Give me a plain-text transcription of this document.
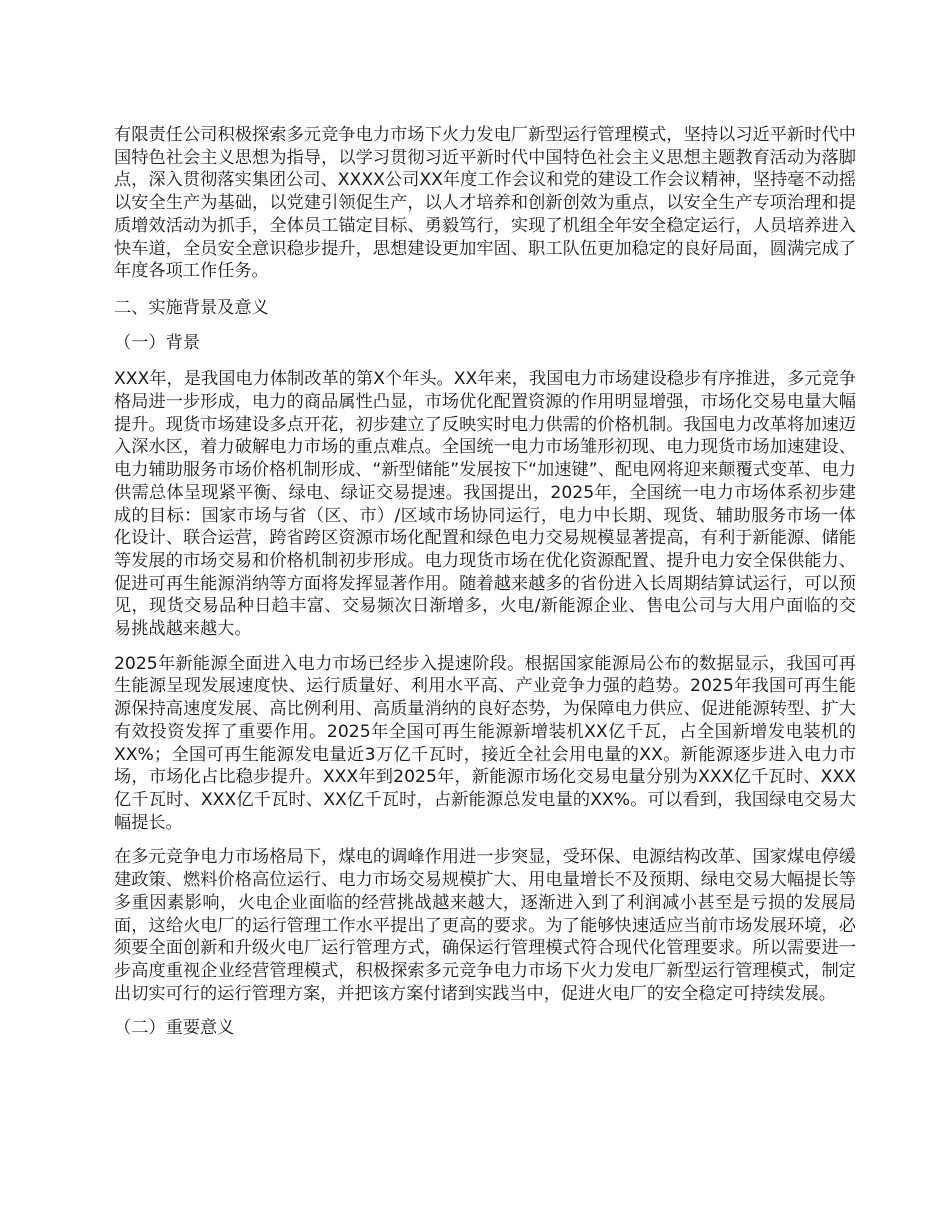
有限责任公司积极探索多元竞争电力市场下火力发电厂新型运行管理模式，坚持以习近平新时代中国特色社会主义思想为指导，以学习贯彻习近平新时代中国特色社会主义思想主题教育活动为落脚点，深入贯彻落实集团公司、XXXX公司XX年度工作会议和党的建设工作会议精神，坚持毫不动摇以安全生产为基础，以党建引领促生产，以人才培养和创新创效为重点，以安全生产专项治理和提质增效活动为抓手，全体员工锚定目标、勇毅笃行，实现了机组全年安全稳定运行，人员培养进入快车道，全员安全意识稳步提升，思想建设更加牢固、职工队伍更加稳定的良好局面，圆满完成了年度各项工作任务。

二、实施背景及意义

（一）背景

XXX年，是我国电力体制改革的第X个年头。XX年来，我国电力市场建设稳步有序推进，多元竞争格局进一步形成，电力的商品属性凸显，市场优化配置资源的作用明显增强，市场化交易电量大幅提升。现货市场建设多点开花，初步建立了反映实时电力供需的价格机制。我国电力改革将加速迈入深水区，着力破解电力市场的重点难点。全国统一电力市场雏形初现、电力现货市场加速建设、电力辅助服务市场价格机制形成、“新型储能”发展按下“加速键”、配电网将迎来颠覆式变革、电力供需总体呈现紧平衡、绿电、绿证交易提速。我国提出，2025年，全国统一电力市场体系初步建成的目标：国家市场与省（区、市）/区域市场协同运行，电力中长期、现货、辅助服务市场一体化设计、联合运营，跨省跨区资源市场化配置和绿色电力交易规模显著提高，有利于新能源、储能等发展的市场交易和价格机制初步形成。电力现货市场在优化资源配置、提升电力安全保供能力、促进可再生能源消纳等方面将发挥显著作用。随着越来越多的省份进入长周期结算试运行，可以预见，现货交易品种日趋丰富、交易频次日渐增多，火电/新能源企业、售电公司与大用户面临的交易挑战越来越大。

2025年新能源全面进入电力市场已经步入提速阶段。根据国家能源局公布的数据显示，我国可再生能源呈现发展速度快、运行质量好、利用水平高、产业竞争力强的趋势。2025年我国可再生能源保持高速度发展、高比例利用、高质量消纳的良好态势，为保障电力供应、促进能源转型、扩大有效投资发挥了重要作用。2025年全国可再生能源新增装机XX亿千瓦，占全国新增发电装机的XX%；全国可再生能源发电量近3万亿千瓦时，接近全社会用电量的XX。新能源逐步进入电力市场，市场化占比稳步提升。XXX年到2025年，新能源市场化交易电量分别为XXX亿千瓦时、XXX亿千瓦时、XXX亿千瓦时、XX亿千瓦时，占新能源总发电量的XX%。可以看到，我国绿电交易大幅提长。

在多元竞争电力市场格局下，煤电的调峰作用进一步突显，受环保、电源结构改革、国家煤电停缓建政策、燃料价格高位运行、电力市场交易规模扩大、用电量增长不及预期、绿电交易大幅提长等多重因素影响，火电企业面临的经营挑战越来越大，逐渐进入到了利润减小甚至是亏损的发展局面，这给火电厂的运行管理工作水平提出了更高的要求。为了能够快速适应当前市场发展环境，必须要全面创新和升级火电厂运行管理方式，确保运行管理模式符合现代化管理要求。所以需要进一步高度重视企业经营管理模式，积极探索多元竞争电力市场下火力发电厂新型运行管理模式，制定出切实可行的运行管理方案，并把该方案付诸到实践当中，促进火电厂的安全稳定可持续发展。

（二）重要意义
